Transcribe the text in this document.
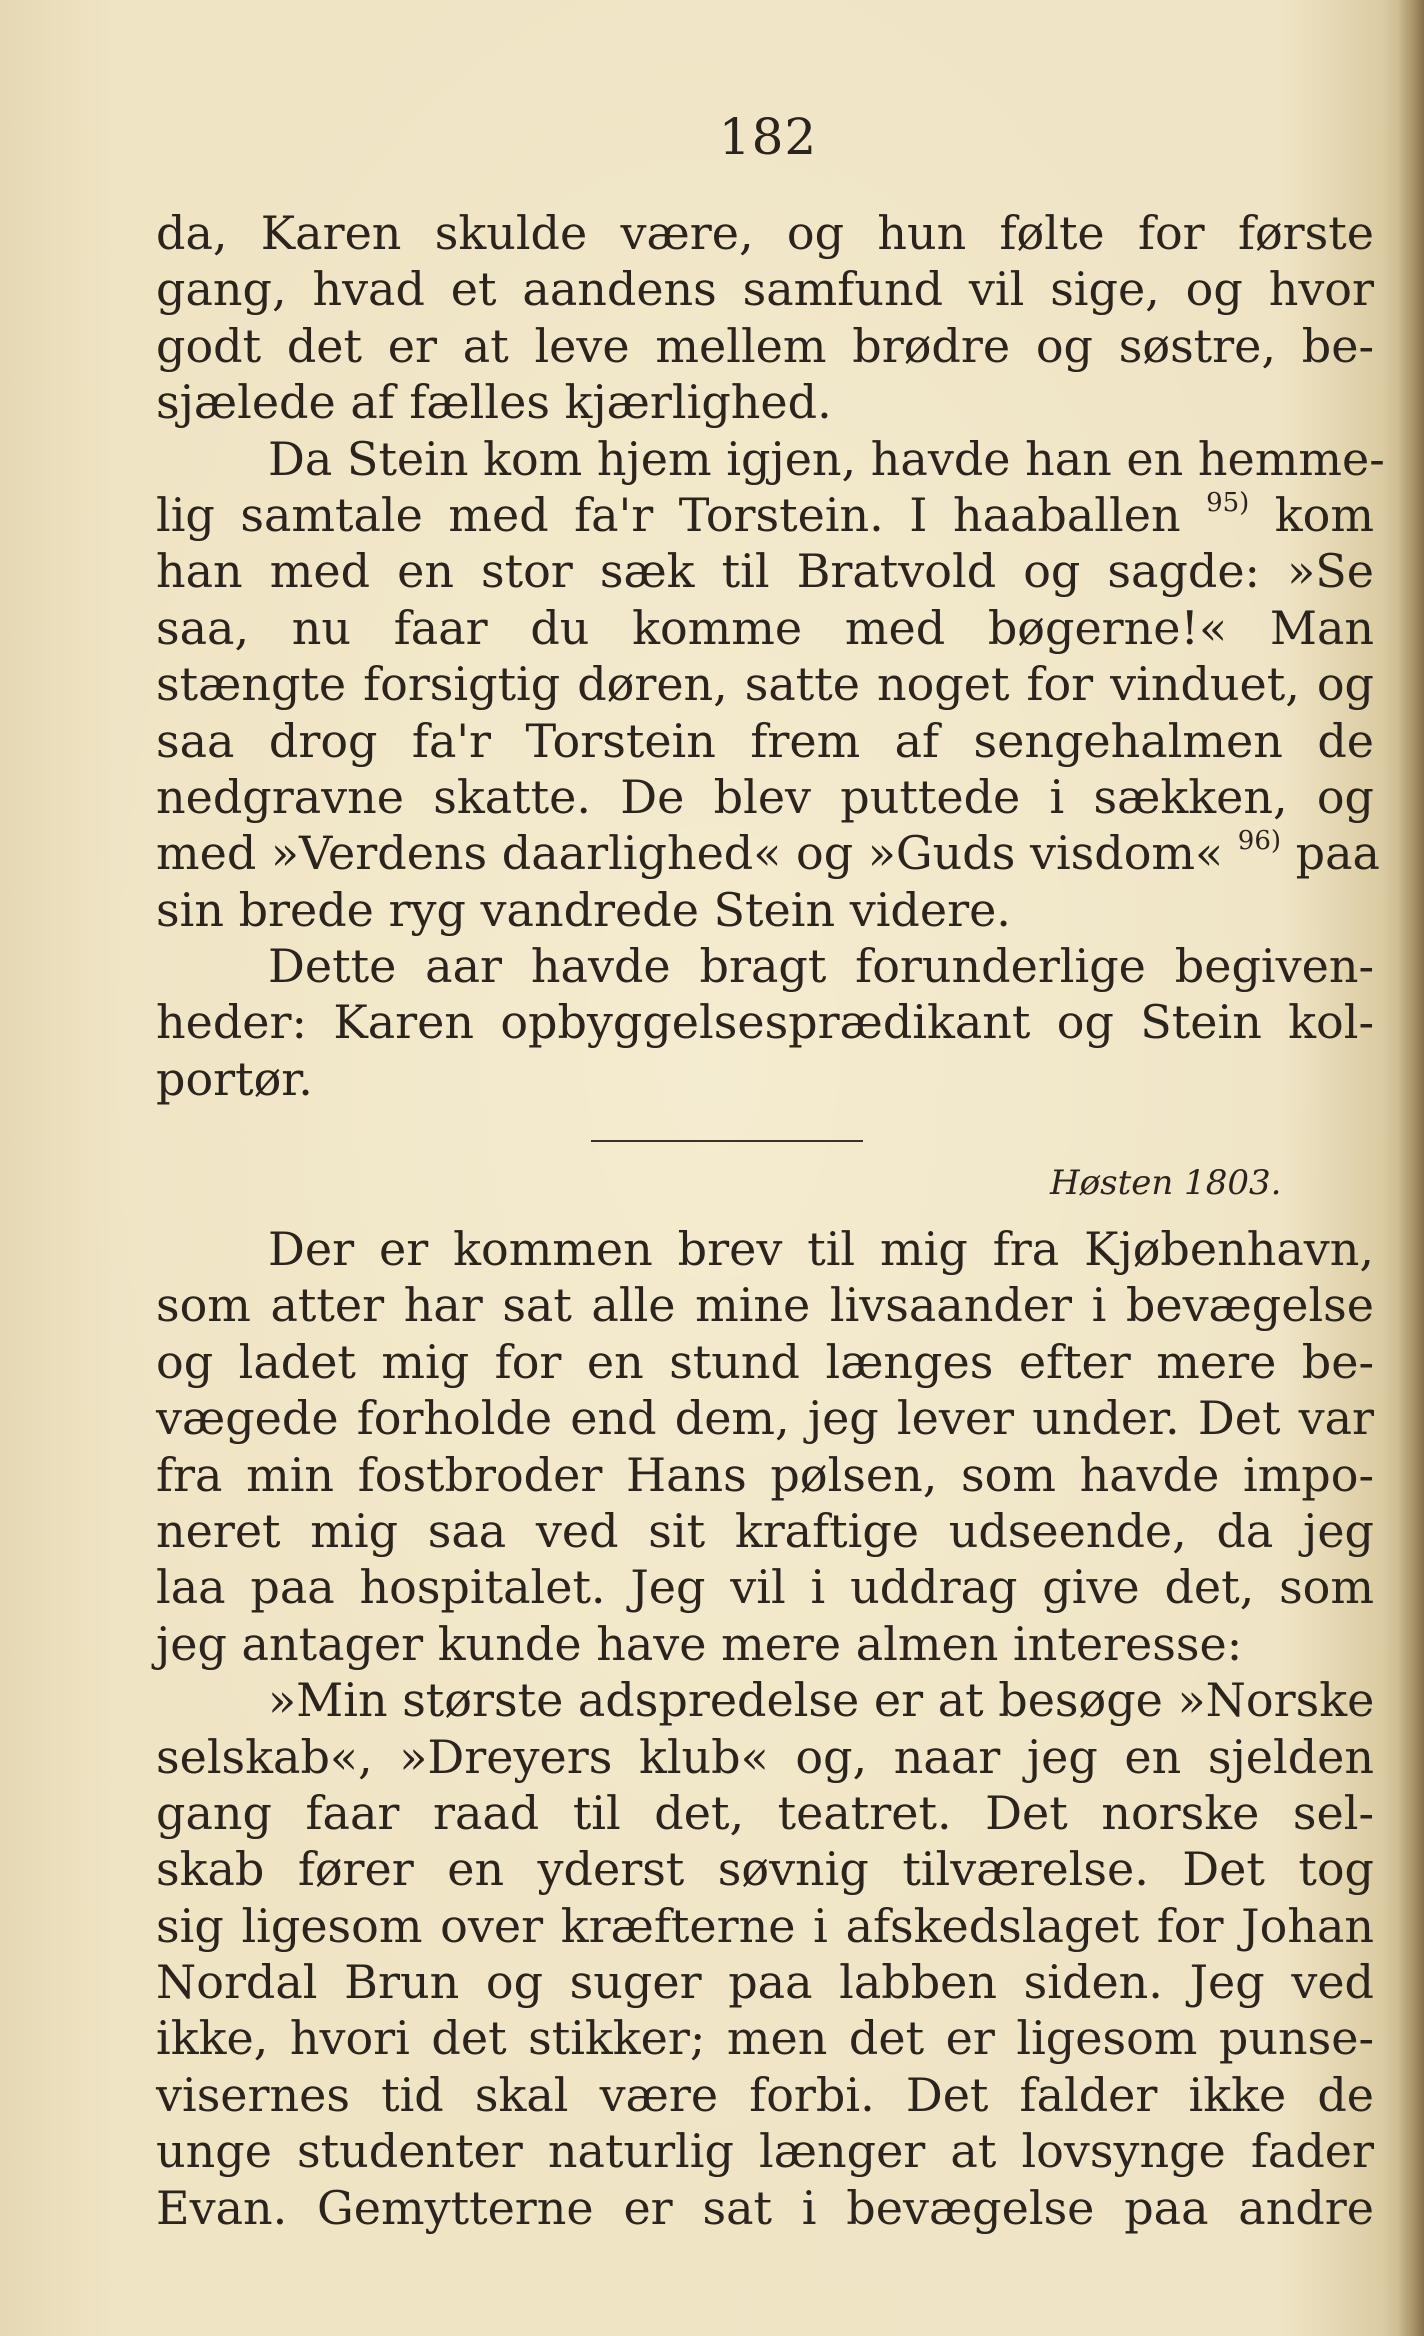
182

da, Karen skulde være, og hun følte for første
gang, hvad et aandens samfund vil sige, og hvor
godt det er at leve mellem brødre og søstre, be-
sjælede af fælles kjærlighed.
Da Stein kom hjem igjen, havde han en hemme-
lig samtale med fa'r Torstein. I haaballen $^{95)}$ kom
han med en stor sæk til Bratvold og sagde: »Se
saa, nu faar du komme med bøgerne!« Man
stængte forsigtig døren, satte noget for vinduet, og
saa drog fa'r Torstein frem af sengehalmen de
nedgravne skatte. De blev puttede i sækken, og
med »Verdens daarlighed« og »Guds visdom« $^{96)}$ paa
sin brede ryg vandrede Stein videre.
Dette aar havde bragt forunderlige begiven-
heder: Karen opbyggelsesprædikant og Stein kol-
portør.

Høsten 1803.

Der er kommen brev til mig fra Kjøbenhavn,
som atter har sat alle mine livsaander i bevægelse
og ladet mig for en stund længes efter mere be-
vægede forholde end dem, jeg lever under. Det var
fra min fostbroder Hans pølsen, som havde impo-
neret mig saa ved sit kraftige udseende, da jeg
laa paa hospitalet. Jeg vil i uddrag give det, som
jeg antager kunde have mere almen interesse:
»Min største adspredelse er at besøge »Norske
selskab«, »Dreyers klub« og, naar jeg en sjelden
gang faar raad til det, teatret. Det norske sel-
skab fører en yderst søvnig tilværelse. Det tog
sig ligesom over kræfterne i afskedslaget for Johan
Nordal Brun og suger paa labben siden. Jeg ved
ikke, hvori det stikker; men det er ligesom punse-
visernes tid skal være forbi. Det falder ikke de
unge studenter naturlig længer at lovsynge fader
Evan. Gemytterne er sat i bevægelse paa andre
